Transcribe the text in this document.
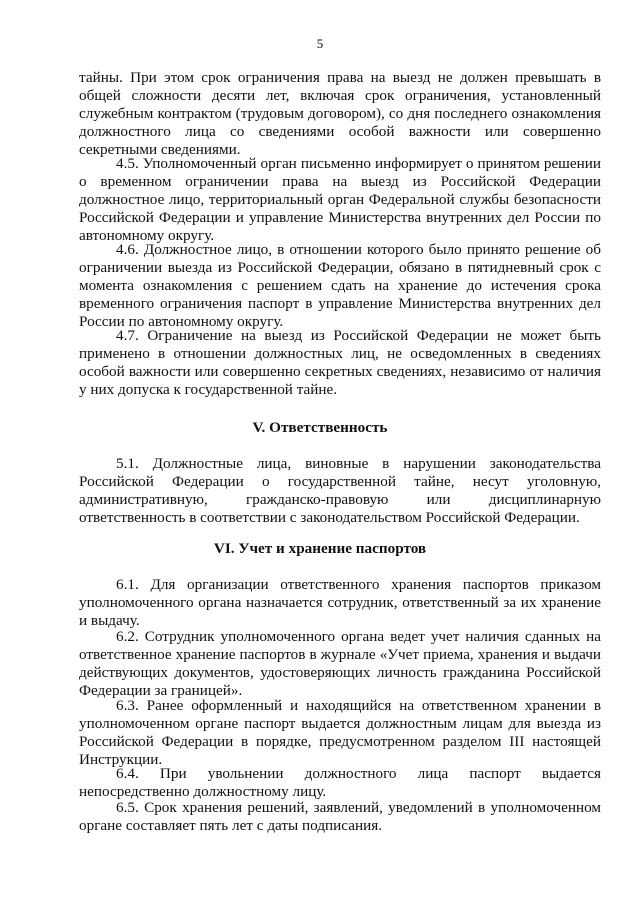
5

тайны. При этом срок ограничения права на выезд не должен превышать в общей сложности десяти лет, включая срок ограничения, установленный служебным контрактом (трудовым договором), со дня последнего ознакомления должностного лица со сведениями особой важности или совершенно секретными сведениями.

4.5. Уполномоченный орган письменно информирует о принятом решении о временном ограничении права на выезд из Российской Федерации должностное лицо, территориальный орган Федеральной службы безопасности Российской Федерации и управление Министерства внутренних дел России по автономному округу.

4.6. Должностное лицо, в отношении которого было принято решение об ограничении выезда из Российской Федерации, обязано в пятидневный срок с момента ознакомления с решением сдать на хранение до истечения срока временного ограничения паспорт в управление Министерства внутренних дел России по автономному округу.

4.7. Ограничение на выезд из Российской Федерации не может быть применено в отношении должностных лиц, не осведомленных в сведениях особой важности или совершенно секретных сведениях, независимо от наличия у них допуска к государственной тайне.

V. Ответственность

5.1. Должностные лица, виновные в нарушении законодательства Российской Федерации о государственной тайне, несут уголовную, административную, гражданско-правовую или дисциплинарную ответственность в соответствии с законодательством Российской Федерации.

VI. Учет и хранение паспортов

6.1. Для организации ответственного хранения паспортов приказом уполномоченного органа назначается сотрудник, ответственный за их хранение и выдачу.

6.2. Сотрудник уполномоченного органа ведет учет наличия сданных на ответственное хранение паспортов в журнале «Учет приема, хранения и выдачи действующих документов, удостоверяющих личность гражданина Российской Федерации за границей».

6.3. Ранее оформленный и находящийся на ответственном хранении в уполномоченном органе паспорт выдается должностным лицам для выезда из Российской Федерации в порядке, предусмотренном разделом III настоящей Инструкции.

6.4. При увольнении должностного лица паспорт выдается непосредственно должностному лицу.

6.5. Срок хранения решений, заявлений, уведомлений в уполномоченном органе составляет пять лет с даты подписания.
